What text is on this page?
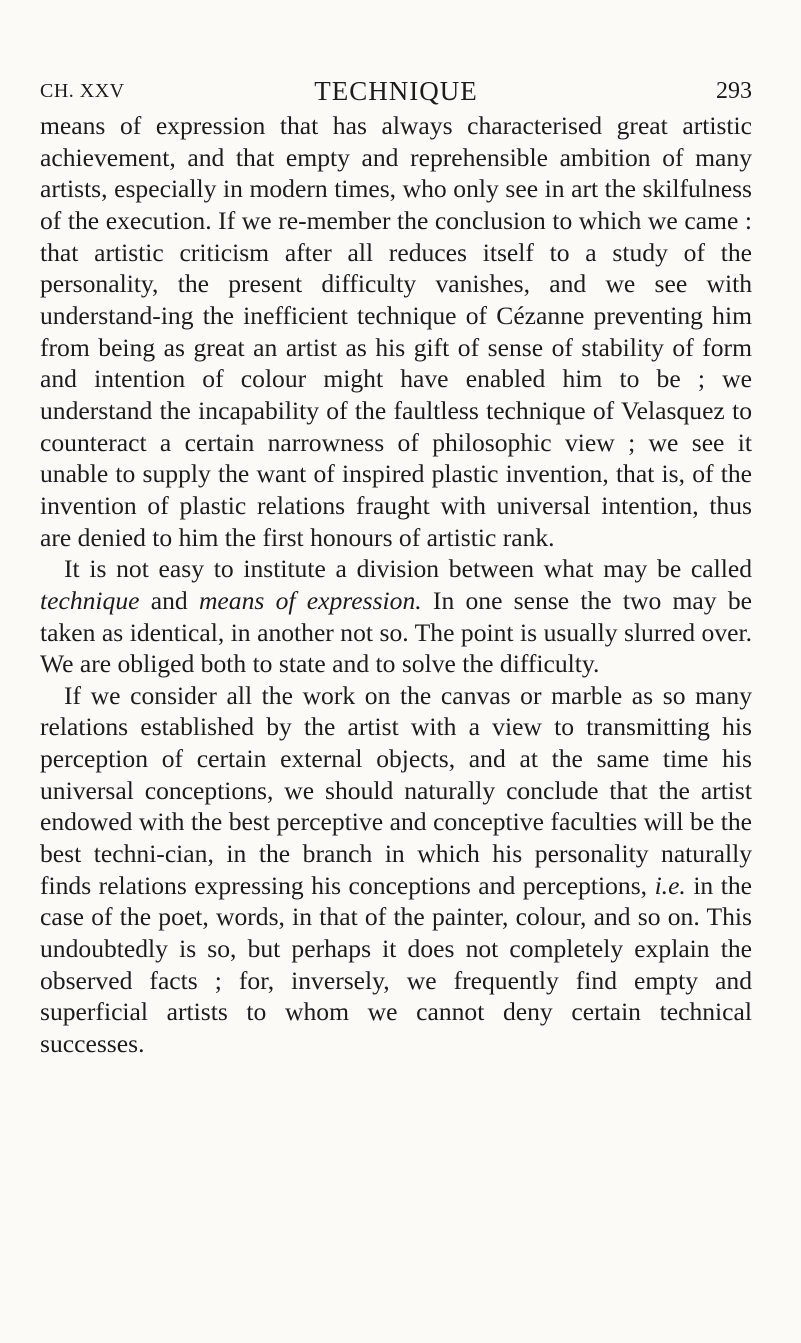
CH. XXV	TECHNIQUE	293

means of expression that has always characterised great artistic achievement, and that empty and reprehensible ambition of many artists, especially in modern times, who only see in art the skilfulness of the execution. If we re-member the conclusion to which we came : that artistic criticism after all reduces itself to a study of the personality, the present difficulty vanishes, and we see with understand-ing the inefficient technique of Cézanne preventing him from being as great an artist as his gift of sense of stability of form and intention of colour might have enabled him to be ; we understand the incapability of the faultless technique of Velasquez to counteract a certain narrowness of philosophic view ; we see it unable to supply the want of inspired plastic invention, that is, of the invention of plastic relations fraught with universal intention, thus are denied to him the first honours of artistic rank.

It is not easy to institute a division between what may be called technique and means of expression. In one sense the two may be taken as identical, in another not so. The point is usually slurred over. We are obliged both to state and to solve the difficulty.

If we consider all the work on the canvas or marble as so many relations established by the artist with a view to transmitting his perception of certain external objects, and at the same time his universal conceptions, we should naturally conclude that the artist endowed with the best perceptive and conceptive faculties will be the best techni-cian, in the branch in which his personality naturally finds relations expressing his conceptions and perceptions, i.e. in the case of the poet, words, in that of the painter, colour, and so on. This undoubtedly is so, but perhaps it does not completely explain the observed facts ; for, inversely, we frequently find empty and superficial artists to whom we cannot deny certain technical successes.
